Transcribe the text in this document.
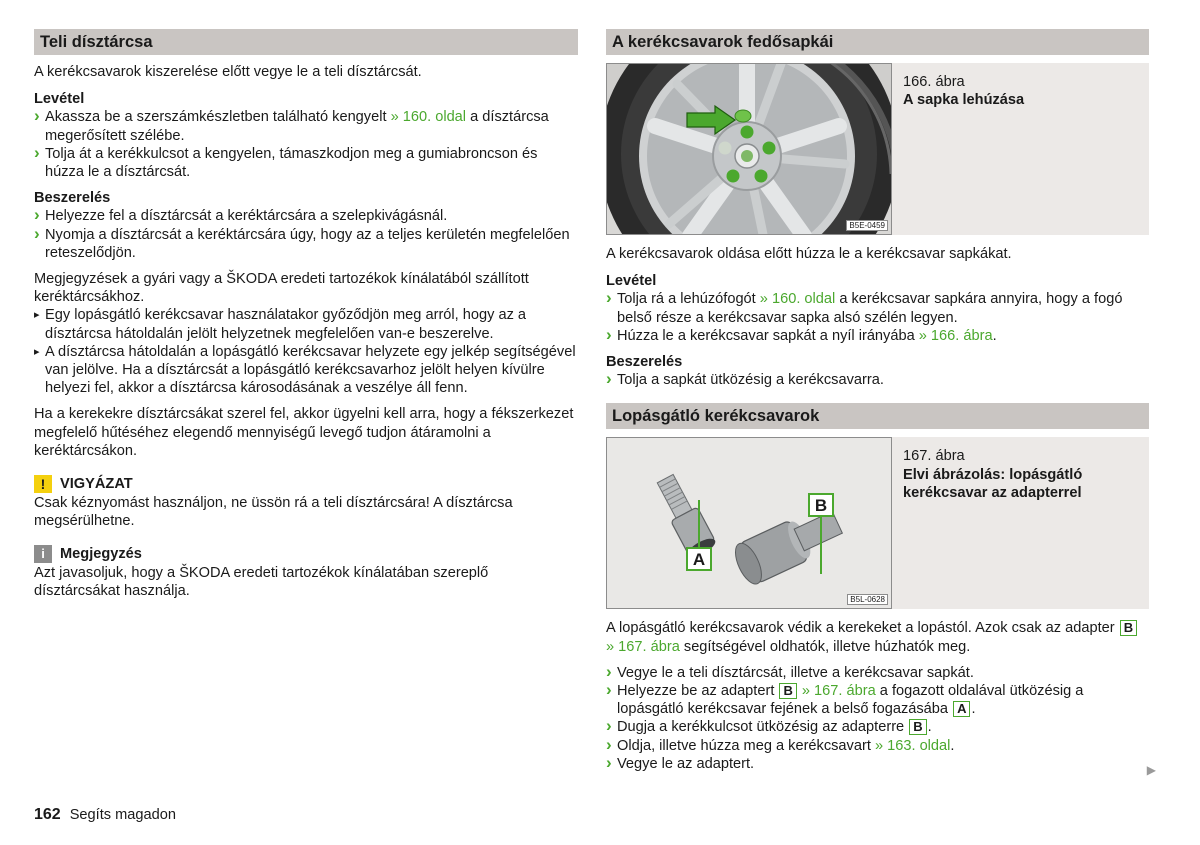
Teli dísztárcsa

A kerékcsavarok kiszerelése előtt vegye le a teli dísztárcsát.

Levétel
› Akassza be a szerszámkészletben található kengyelt » 160. oldal a dísztárcsa megerősített szélébe.
› Tolja át a kerékkulcsot a kengyelen, támaszkodjon meg a gumiabroncson és húzza le a dísztárcsát.
Beszerelés
› Helyezze fel a dísztárcsát a keréktárcsára a szelepkivágásnál.
› Nyomja a dísztárcsát a keréktárcsára úgy, hogy az a teljes kerületén megfelelően reteszelődjön.
Megjegyzések a gyári vagy a ŠKODA eredeti tartozékok kínálatából szállított keréktárcsákhoz.
▸ Egy lopásgátló kerékcsavar használatakor győződjön meg arról, hogy az a dísztárcsa hátoldalán jelölt helyzetnek megfelelően van-e beszerelve.
▸ A dísztárcsa hátoldalán a lopásgátló kerékcsavar helyzete egy jelkép segítségével van jelölve. Ha a dísztárcsát a lopásgátló kerékcsavarhoz jelölt helyen kívülre helyezi fel, akkor a dísztárcsa károsodásának a veszélye áll fenn.

Ha a kerekekre dísztárcsákat szerel fel, akkor ügyelni kell arra, hogy a fékszerkezet megfelelő hűtéséhez elegendő mennyiségű levegő tudjon átáramolni a keréktárcsákon.

!	VIGYÁZAT
Csak kéznyomást használjon, ne üssön rá a teli dísztárcsára! A dísztárcsa megsérülhetne.
i	Megjegyzés
Azt javasoljuk, hogy a ŠKODA eredeti tartozékok kínálatában szereplő dísztárcsákat használja.
A kerékcsavarok fedősapkái
B5E-0459
166. ábra
A sapka lehúzása

A kerékcsavarok oldása előtt húzza le a kerékcsavar sapkákat.

Levétel
› Tolja rá a lehúzófogót » 160. oldal a kerékcsavar sapkára annyira, hogy a fogó belső része a kerékcsavar sapka alsó szélén legyen.
› Húzza le a kerékcsavar sapkát a nyíl irányába » 166. ábra.
Beszerelés
› Tolja a sapkát ütközésig a kerékcsavarra.
Lopásgátló kerékcsavarok
A
B
B5L-0628
167. ábra
Elvi ábrázolás: lopásgátló kerékcsavar az adapterrel
A lopásgátló kerékcsavarok védik a kerekeket a lopástól. Azok csak az adapter B » 167. ábra segítségével oldhatók, illetve húzhatók meg.
› Vegye le a teli dísztárcsát, illetve a kerékcsavar sapkát.
› Helyezze be az adaptert B » 167. ábra a fogazott oldalával ütközésig a lopásgátló kerékcsavar fejének a belső fogazásába A .
› Dugja a kerékkulcsot ütközésig az adapterre B .
› Oldja, illetve húzza meg a kerékcsavart » 163. oldal.
› Vegye le az adaptert.	▶
162 Segíts magadon
